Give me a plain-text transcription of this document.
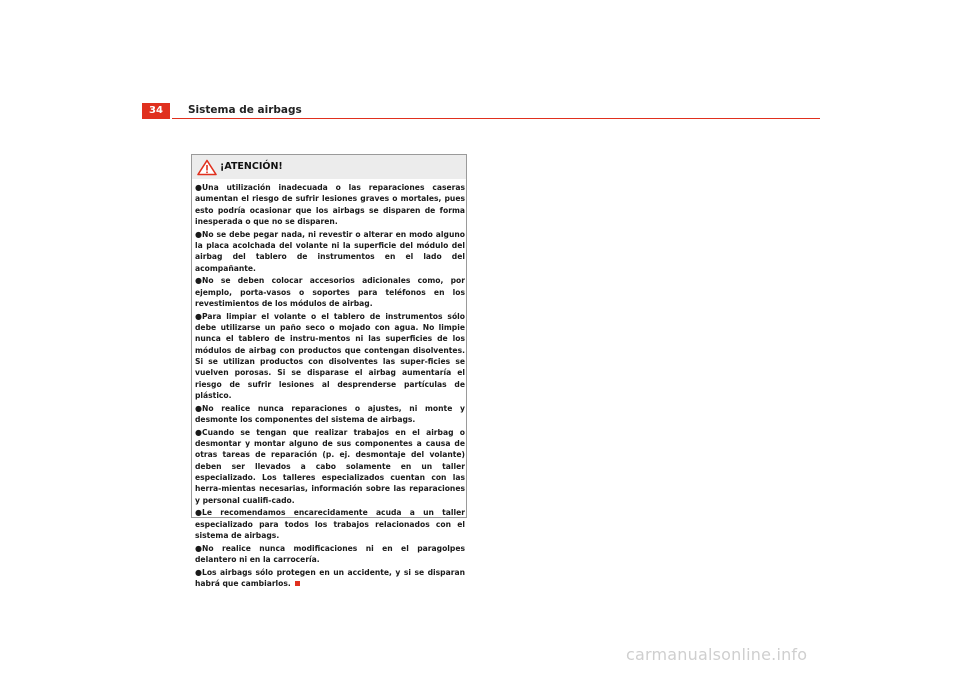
34	Sistema de airbags
¡ATENCIÓN!
●Una utilización inadecuada o las reparaciones caseras aumentan el riesgo de sufrir lesiones graves o mortales, pues esto podría ocasionar que los airbags se disparen de forma inesperada o que no se disparen.
●No se debe pegar nada, ni revestir o alterar en modo alguno la placa acolchada del volante ni la superficie del módulo del airbag del tablero de instrumentos en el lado del acompañante.
●No se deben colocar accesorios adicionales como, por ejemplo, porta-vasos o soportes para teléfonos en los revestimientos de los módulos de airbag.
●Para limpiar el volante o el tablero de instrumentos sólo debe utilizarse un paño seco o mojado con agua. No limpie nunca el tablero de instru-mentos ni las superficies de los módulos de airbag con productos que contengan disolventes. Si se utilizan productos con disolventes las super-ficies se vuelven porosas. Si se disparase el airbag aumentaría el riesgo de sufrir lesiones al desprenderse partículas de plástico.
●No realice nunca reparaciones o ajustes, ni monte y desmonte los componentes del sistema de airbags.
●Cuando se tengan que realizar trabajos en el airbag o desmontar y montar alguno de sus componentes a causa de otras tareas de reparación (p. ej. desmontaje del volante) deben ser llevados a cabo solamente en un taller especializado. Los talleres especializados cuentan con las herra-mientas necesarias, información sobre las reparaciones y personal cualifi-cado.
●Le recomendamos encarecidamente acuda a un taller especializado para todos los trabajos relacionados con el sistema de airbags.
●No realice nunca modificaciones ni en el paragolpes delantero ni en la carrocería.
●Los airbags sólo protegen en un accidente, y si se disparan habrá que cambiarlos.
carmanualsonline.info
